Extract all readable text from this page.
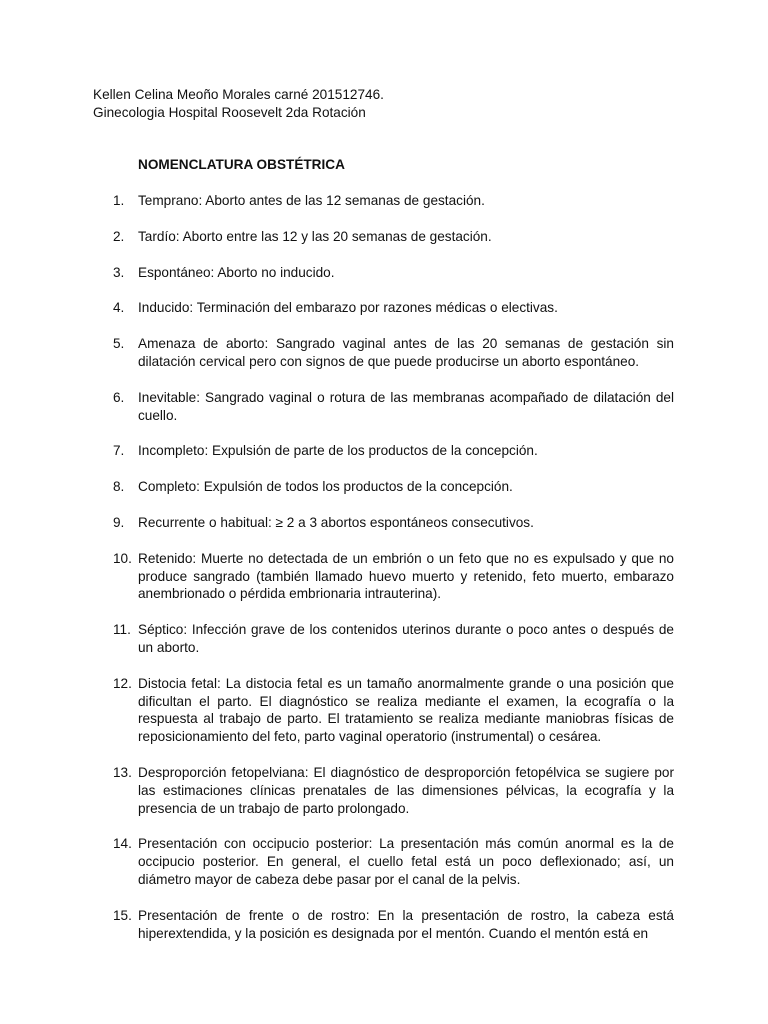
Kellen Celina Meoño Morales carné 201512746.
Ginecologia Hospital Roosevelt 2da Rotación
NOMENCLATURA OBSTÉTRICA
1.	Temprano: Aborto antes de las 12 semanas de gestación.
2.	Tardío: Aborto entre las 12 y las 20 semanas de gestación.
3.	Espontáneo: Aborto no inducido.
4.	Inducido: Terminación del embarazo por razones médicas o electivas.
5.	Amenaza de aborto: Sangrado vaginal antes de las 20 semanas de gestación sin dilatación cervical pero con signos de que puede producirse un aborto espontáneo.
6.	Inevitable: Sangrado vaginal o rotura de las membranas acompañado de dilatación del cuello.
7.	Incompleto: Expulsión de parte de los productos de la concepción.
8.	Completo: Expulsión de todos los productos de la concepción.
9.	Recurrente o habitual: ≥ 2 a 3 abortos espontáneos consecutivos.
10. Retenido: Muerte no detectada de un embrión o un feto que no es expulsado y que no produce sangrado (también llamado huevo muerto y retenido, feto muerto, embarazo anembrionado o pérdida embrionaria intrauterina).
11. Séptico: Infección grave de los contenidos uterinos durante o poco antes o después de un aborto.
12. Distocia fetal: La distocia fetal es un tamaño anormalmente grande o una posición que dificultan el parto. El diagnóstico se realiza mediante el examen, la ecografía o la respuesta al trabajo de parto. El tratamiento se realiza mediante maniobras físicas de reposicionamiento del feto, parto vaginal operatorio (instrumental) o cesárea.
13. Desproporción fetopelviana: El diagnóstico de desproporción fetopélvica se sugiere por las estimaciones clínicas prenatales de las dimensiones pélvicas, la ecografía y la presencia de un trabajo de parto prolongado.
14. Presentación con occipucio posterior: La presentación más común anormal es la de occipucio posterior. En general, el cuello fetal está un poco deflexionado; así, un diámetro mayor de cabeza debe pasar por el canal de la pelvis.
15. Presentación de frente o de rostro: En la presentación de rostro, la cabeza está hiperextendida, y la posición es designada por el mentón. Cuando el mentón está en
